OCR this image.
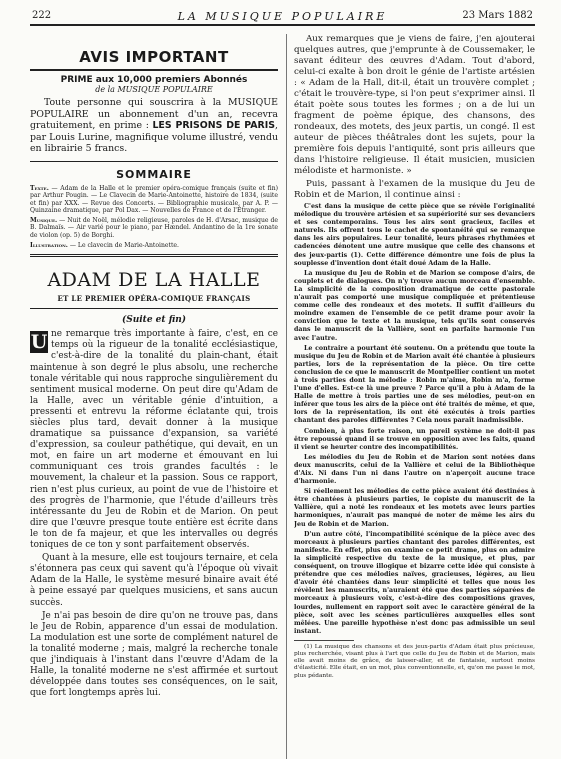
222	LA MUSIQUE POPULAIRE	23 Mars 1882
AVIS IMPORTANT
PRIME aux 10,000 premiers Abonnés
de la MUSIQUE POPULAIRE

Toute personne qui souscrira à la MUSIQUE POPULAIRE un abonnement d'un an, recevra gratuitement, en prime : LES PRISONS DE PARIS, par Louis Lurine, magnifique volume illustré, vendu en librairie 5 francs.

SOMMAIRE

Texte. — Adam de la Halle et le premier opéra-comique français (suite et fin) par Arthur Pougin. — Le Clavecin de Marie-Antoinette, histoire de 1834, (suite et fin) par XXX. — Revue des Concerts. — Bibliographie musicale, par A. P. — Quinzaine dramatique, par Pol Dax. — Nouvelles de France et de l'Étranger.

Musique. — Nuit de Noël, mélodie religieuse, paroles de H. d'Arsac, musique de B. Dalmaïs. — Air varié pour le piano, par Hændel. Andantino de la 1re sonate de violon (op. 5) de Borghi.

Illustration. — Le clavecin de Marie-Antoinette.

ADAM DE LA HALLE
ET LE PREMIER OPÉRA-COMIQUE FRANÇAIS
(Suite et fin)

U ne remarque très importante à faire, c'est, en ce temps où la rigueur de la tonalité ecclésiastique, c'est-à-dire de la tonalité du plain-chant, était maintenue à son degré le plus absolu, une recherche tonale véritable qui nous rapproche singulièrement du sentiment musical moderne. On peut dire qu'Adam de la Halle, avec un véritable génie d'intuition, a pressenti et entrevu la réforme éclatante qui, trois siècles plus tard, devait donner à la musique dramatique sa puissance d'expansion, sa variété d'expression, sa couleur pathétique, qui devait, en un mot, en faire un art moderne et émouvant en lui communiquant ces trois grandes facultés : le mouvement, la chaleur et la passion. Sous ce rapport, rien n'est plus curieux, au point de vue de l'histoire et des progrès de l'harmonie, que l'étude d'ailleurs très intéressante du Jeu de Robin et de Marion. On peut dire que l'œuvre presque toute entière est écrite dans le ton de fa majeur, et que les intervalles ou degrés toniques de ce ton y sont parfaitement observés.

Quant à la mesure, elle est toujours ternaire, et cela s'étonnera pas ceux qui savent qu'à l'époque où vivait Adam de la Halle, le système mesuré binaire avait été à peine essayé par quelques musiciens, et sans aucun succès.

Je n'ai pas besoin de dire qu'on ne trouve pas, dans le Jeu de Robin, apparence d'un essai de modulation. La modulation est une sorte de complément naturel de la tonalité moderne ; mais, malgré la recherche tonale que j'indiquais à l'instant dans l'œuvre d'Adam de la Halle, la tonalité moderne ne s'est affirmée et surtout développée dans toutes ses conséquences, on le sait, que fort longtemps après lui.

Aux remarques que je viens de faire, j'en ajouterai quelques autres, que j'emprunte à de Coussemaker, le savant éditeur des œuvres d'Adam. Tout d'abord, celui-ci exalte à bon droit le génie de l'artiste artésien : « Adam de la Hall, dit-il, était un trouvère complet ; c'était le trouvère-type, si l'on peut s'exprimer ainsi. Il était poète sous toutes les formes ; on a de lui un fragment de poème épique, des chansons, des rondeaux, des motets, des jeux partis, un congé. Il est auteur de pièces théâtrales dont les sujets, pour la première fois depuis l'antiquité, sont pris ailleurs que dans l'histoire religieuse. Il était musicien, musicien mélodiste et harmoniste. »

Puis, passant à l'examen de la musique du Jeu de Robin et de Marion, il continue ainsi :

C'est dans la musique de cette pièce que se révèle l'originalité mélodique du trouvère artésien et sa supériorité sur ses devanciers et ses contemporains. Tous les airs sont gracieux, faciles et naturels. Ils offrent tous le cachet de spontanéité qui se remarque dans les airs populaires. Leur tonalité, leurs phrases rhythmées et cadencées dénotent une autre musique que celle des chansons et des jeux-partis (1). Cette différence démontre une fois de plus la souplesse d'invention dont était doué Adam de la Halle.

La musique du Jeu de Robin et de Marion se compose d'airs, de couplets et de dialogues. On n'y trouve aucun morceau d'ensemble. La simplicité de la composition dramatique de cette pastorale n'aurait pas comporté une musique compliquée et prétentieuse comme celle des rondeaux et des motets. Il suffit d'ailleurs du moindre examen de l'ensemble de ce petit drame pour avoir la conviction que le texte et la musique, tels qu'ils sont conservés dans le manuscrit de la Vallière, sont en parfaite harmonie l'un avec l'autre.

Le contraire a pourtant été soutenu. On a prétendu que toute la musique du Jeu de Robin et de Marion avait été chantée à plusieurs parties, lors de la représentation de la pièce. On tire cette conclusion de ce que le manuscrit de Montpellier contient un motet à trois parties dont la mélodie : Robin m'aime, Robin m'a, forme l'une d'elles. Est-ce là une preuve ? Parce qu'il a plu à Adam de la Halle de mettre à trois parties une de ses mélodies, peut-on en inférer que tous les airs de la pièce ont été traités de même, et que, lors de la représentation, ils ont été exécutés à trois parties chantant des paroles différentes ? Cela nous paraît inadmissible.

Combien, à plus forte raison, un pareil système ne doit-il pas être repoussé quand il se trouve en opposition avec les faits, quand il vient se heurter contre des incompatibilités.

Les mélodies du Jeu de Robin et de Marion sont notées dans deux manuscrits, celui de la Vallière et celui de la Bibliothèque d'Aix. Ni dans l'un ni dans l'autre on n'aperçoit aucune trace d'harmonie.

Si réellement les mélodies de cette pièce avaient été destinées à être chantées à plusieurs parties, le copiste du manuscrit de la Vallière, qui a noté les rondeaux et les motets avec leurs parties harmoniques, n'aurait pas manqué de noter de même les airs du Jeu de Robin et de Marion.

D'un autre côté, l'incompatibilité scénique de la pièce avec des morceaux à plusieurs parties chantant des paroles différentes, est manifeste. En effet, plus on examine ce petit drame, plus on admire la simplicité respective du texte de la musique, et plus, par conséquent, on trouve illogique et bizarre cette idée qui consiste à prétendre que ces mélodies naïves, gracieuses, légères, au lieu d'avoir été chantées dans leur simplicité et telles que nous les révèlent les manuscrits, n'auraient été que des parties séparées de morceaux à plusieurs voix, c'est-à-dire des compositions graves, lourdes, nullement en rapport soit avec le caractère général de la pièce, soit avec les scènes particulières auxquelles elles sont mêlées. Une pareille hypothèse n'est donc pas admissible un seul instant.

(1) La musique des chansons et des jeux-partis d'Adam était plus précieuse, plus recherchée, visant plus à l'art que celle du Jeu de Robin et de Marion, mais elle avait moins de grâce, de laisser-aller, et de fantaisie, surtout moins d'élasticité. Elle était, en un mot, plus conventionnelle, et, qu'on me passe le mot, plus pédante.
